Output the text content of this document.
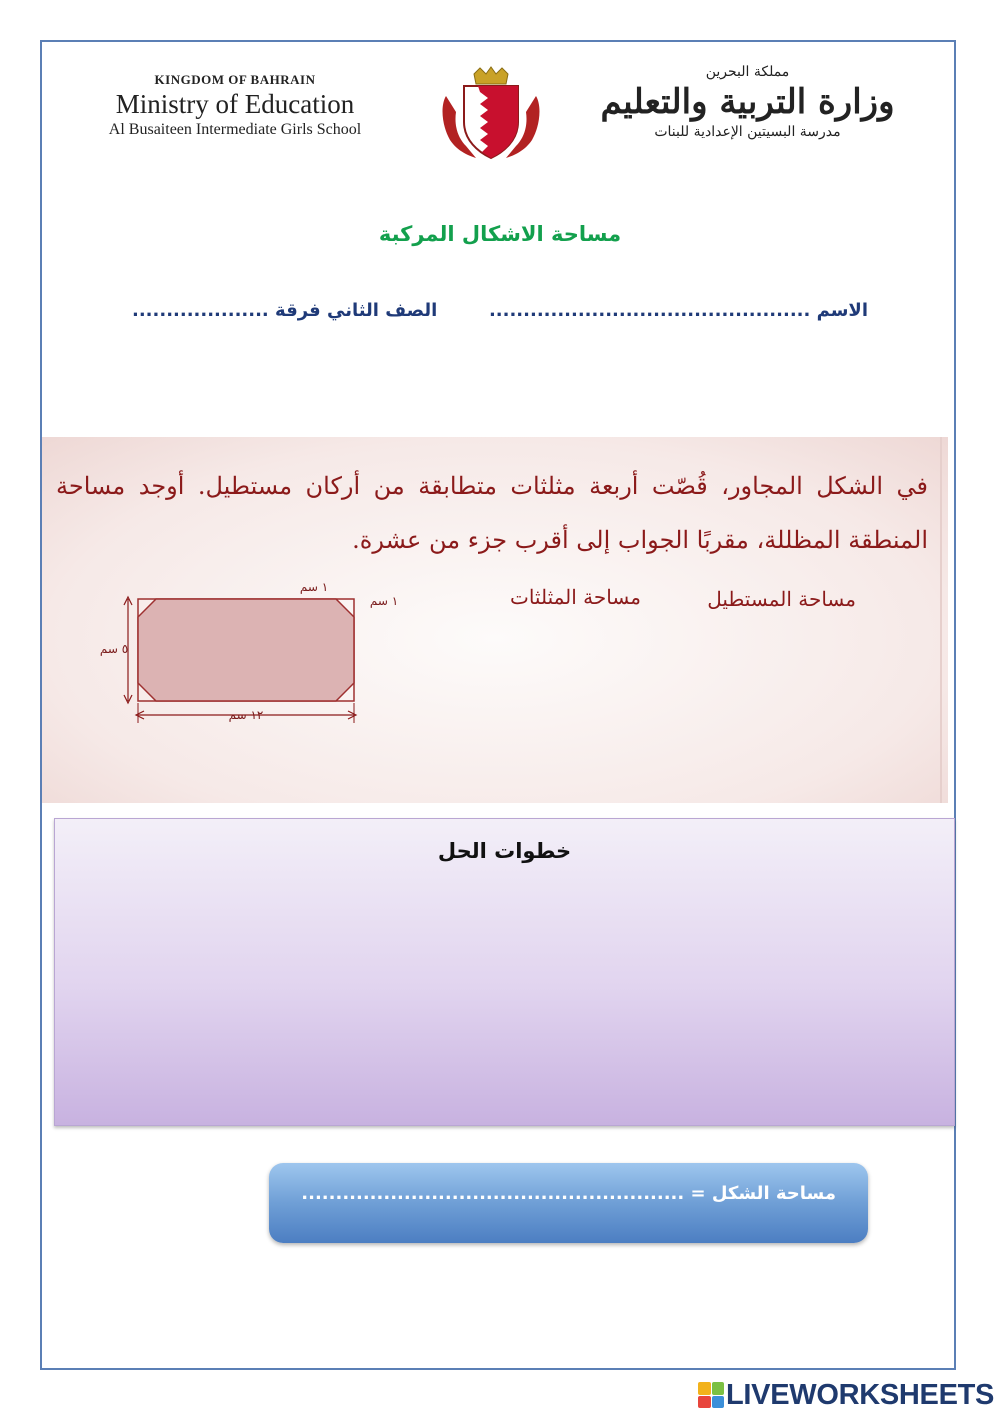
KINGDOM OF BAHRAIN
Ministry of Education
Al Busaiteen Intermediate Girls School
مملكة البحرين
وزارة التربية والتعليم
مدرسة البسيتين الإعدادية للبنات
مساحة الاشكال المركبة
الاسم ...............................................
الصف الثاني فرقة ....................
في الشكل المجاور، قُصّت أربعة مثلثات متطابقة من أركان مستطيل. أوجد مساحة المنطقة المظللة، مقربًا الجواب إلى أقرب جزء من عشرة.
مساحة المستطيل
مساحة المثلثات
١ سم
١ سم
٥ سم
١٢ سم
خطوات الحل
مساحة الشكل = ........................................................
LIVEWORKSHEETS
